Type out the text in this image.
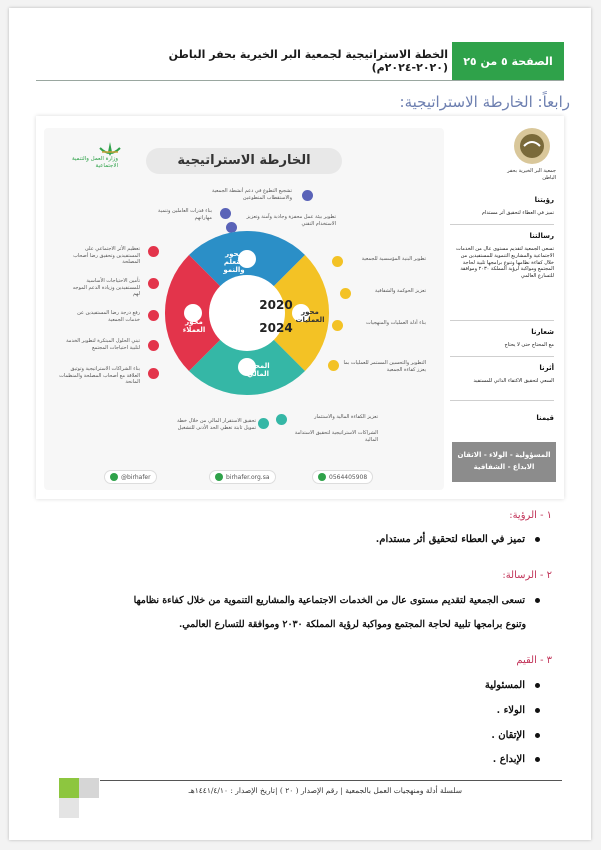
الصفحة ٥ من ٢٥
الخطة الاستراتيجية لجمعية البر الخيرية بحفر الباطن (٢٠٢٠-٢٠٢٤م)
رابعاً: الخارطة الاستراتيجية:
وزارة العمل والتنمية الاجتماعية	الخارطة الاستراتيجية
تعظيم الأثر الاجتماعي على المستفيدين وتحقيق رضا أصحاب المصلحة
تأمين الاحتياجات الأساسية للمستفيدين وزيادة الدعم الموجه لهم
رفع درجة رضا المستفيدين عن خدمات الجمعية
تبني الحلول المبتكرة لتطوير الخدمة لتلبية احتياجات المجتمع
بناء الشراكات الاستراتيجية وتوثيق العلاقة مع أصحاب المصلحة والمنظمات المانحة
تشجيع التطوع في دعم أنشطة الجمعية والاستقطاب المتطوعين
بناء قدرات العاملين وتنمية مهاراتهم	تطوير بيئة عمل محفزة وجاذبة وآمنة وتعزيز الاستخدام التقني
تطوير البنية المؤسسية للجمعية
تعزيز الحوكمة والشفافية
بناء أدلة العمليات والمنهجيات
التطوير والتحسين المستمر للعمليات بما يعزز كفاءة الجمعية
تعزيز الكفاءة المالية والاستثمار
الشراكات الاستراتيجية لتحقيق الاستدامة المالية
تحقيق الاستقرار المالي من خلال خطة تمويل ثابتة تغطي الحد الأدنى للتشغيل
2020
2024
محور التعلم والنمو
محور العمليات
المحور المالي
محور العملاء
@birhafer	birhafer.org.sa	0564405908
جمعية البر الخيرية بحفر الباطن
رؤيتنا
تميز في العطاء لتحقيق أثر مستدام
رسالتنا
تسعى الجمعية لتقديم مستوى عال من الخدمات الاجتماعية والمشاريع التنموية للمستفيدين من خلال كفاءة نظامها وتنوع برامجها تلبية لحاجة المجتمع ومواكبة لرؤية المملكة ٢٠٣٠ وموافقة للتسارع العالمي
شعارنا
مع المحتاج حتى لا يحتاج
أثرنا
السعي لتحقيق الاكتفاء الذاتي للمستفيد
قيمنا
المسؤولية - الولاء - الاتقان
الابداع - الشفافية
١ - الرؤية:
تميز في العطاء لتحقيق أثر مستدام.
٢ - الرسالة:
تسعى الجمعية لتقديم مستوى عال من الخدمات الاجتماعية والمشاريع التنموية من خلال كفاءة نظامها
وتنوع برامجها تلبية لحاجة المجتمع ومواكبة لرؤية المملكة ٢٠٣٠ وموافقة للتسارع العالمي.
٣ - القيم
المسئولية
الولاء .
الإتقان .
الإبداع .
سلسلة أدلة ومنهجيات العمل بالجمعية | رقم الإصدار ( ٢٠ ) |تاريخ الإصدار : ١٤٤١/٤/١٠هـ
